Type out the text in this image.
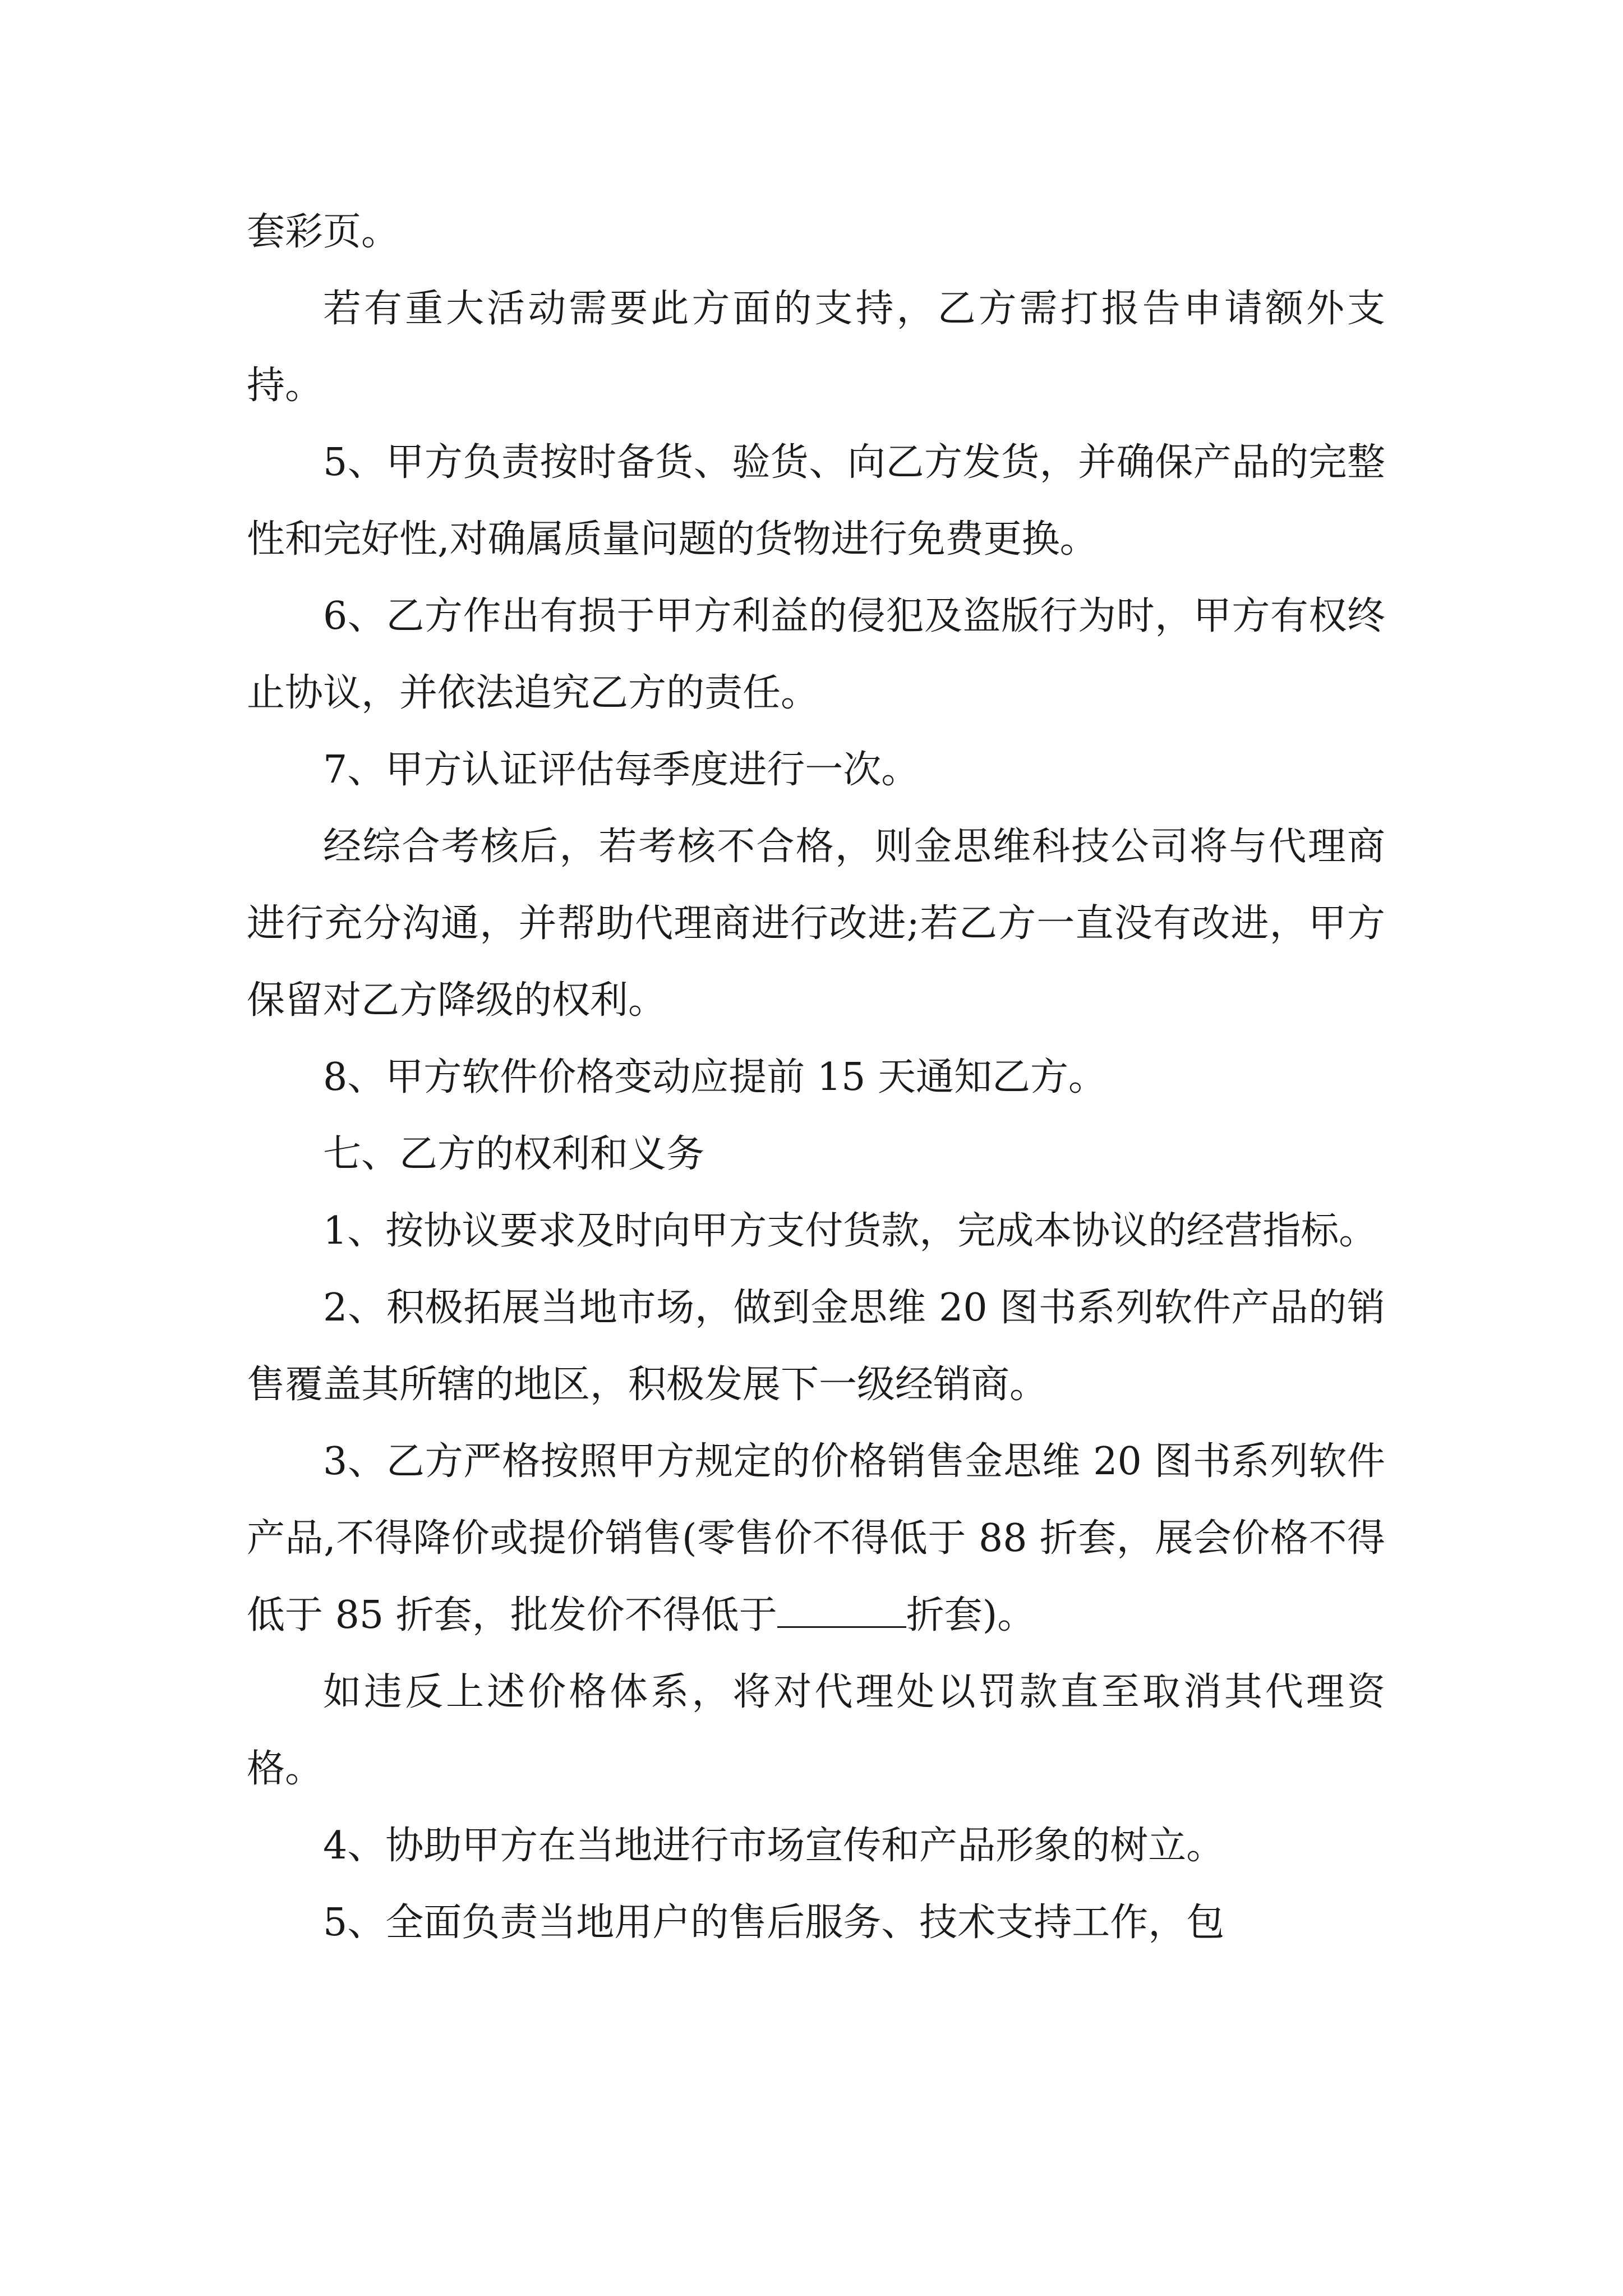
套彩页。

若有重大活动需要此方面的支持，乙方需打报告申请额外支持。

5、甲方负责按时备货、验货、向乙方发货，并确保产品的完整性和完好性,对确属质量问题的货物进行免费更换。

6、乙方作出有损于甲方利益的侵犯及盗版行为时，甲方有权终止协议，并依法追究乙方的责任。

7、甲方认证评估每季度进行一次。

经综合考核后，若考核不合格，则金思维科技公司将与代理商进行充分沟通，并帮助代理商进行改进;若乙方一直没有改进，甲方保留对乙方降级的权利。

8、甲方软件价格变动应提前 15 天通知乙方。

七、乙方的权利和义务

1、按协议要求及时向甲方支付货款，完成本协议的经营指标。

2、积极拓展当地市场，做到金思维 20 图书系列软件产品的销售覆盖其所辖的地区，积极发展下一级经销商。

3、乙方严格按照甲方规定的价格销售金思维 20 图书系列软件产品,不得降价或提价销售(零售价不得低于 88 折套，展会价格不得低于 85 折套，批发价不得低于	折套)。

如违反上述价格体系，将对代理处以罚款直至取消其代理资格。

4、协助甲方在当地进行市场宣传和产品形象的树立。

5、全面负责当地用户的售后服务、技术支持工作，包
